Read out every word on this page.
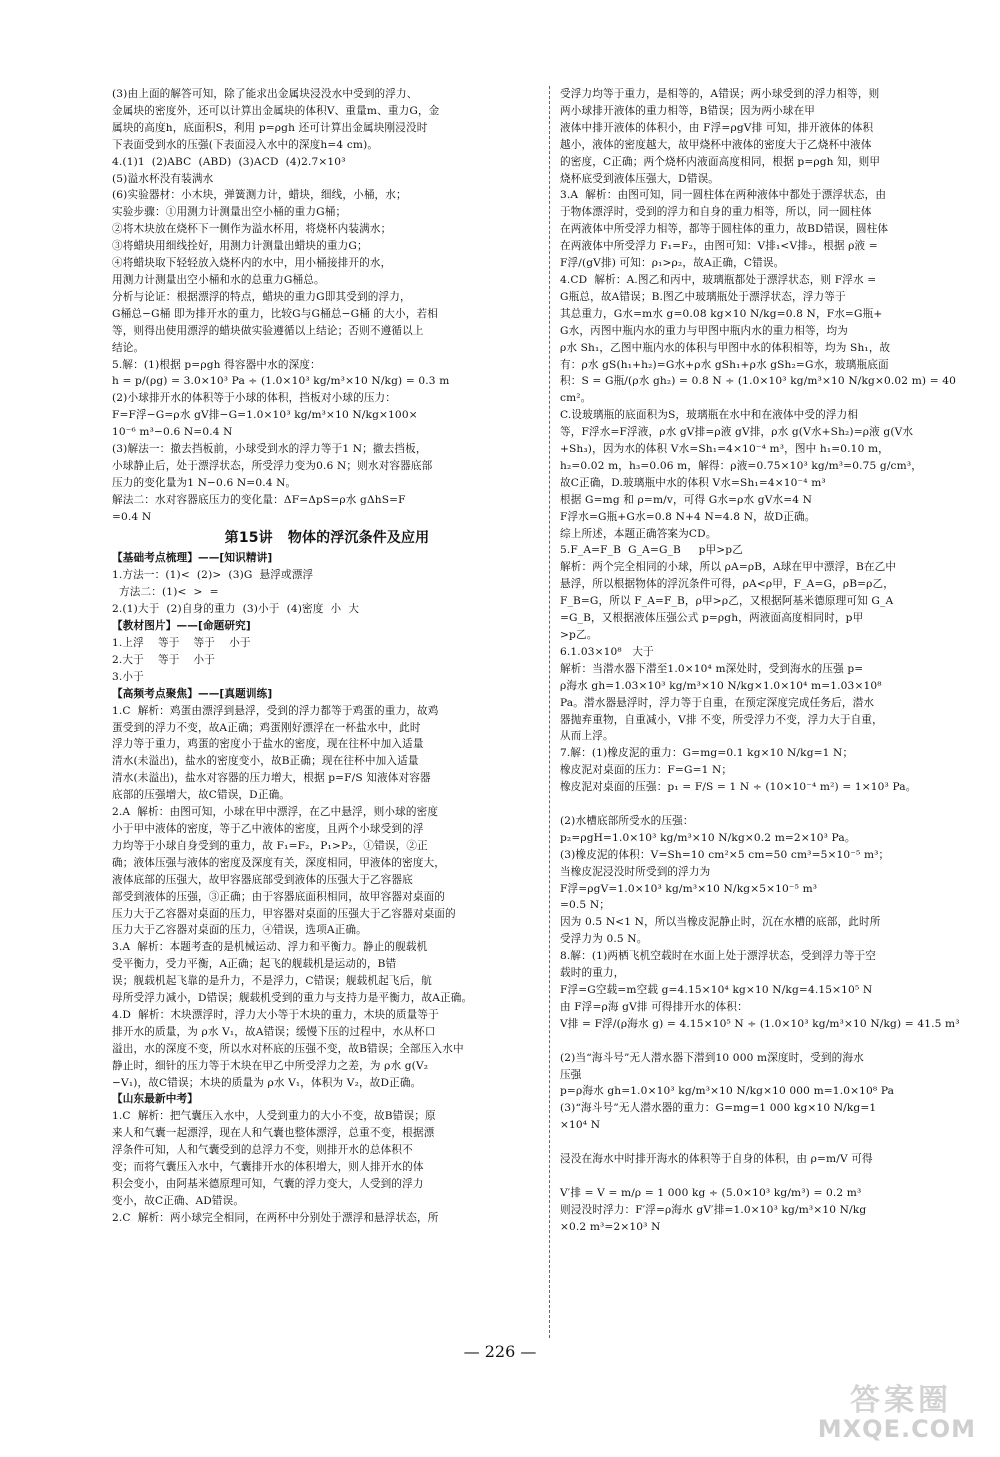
(3)由上面的解答可知，除了能求出金属块浸没水中受到的浮力、
金属块的密度外，还可以计算出金属块的体积V、重量m、重力G，金
属块的高度h，底面积S，利用 p=ρgh 还可计算出金属块刚浸没时
下表面受到水的压强(下表面浸入水中的深度h=4 cm)。
4.(1)1  (2)ABC  (ABD)  (3)ACD  (4)2.7×10³
(5)溢水杯没有装满水
(6)实验器材：小木块，弹簧测力计，蜡块，细线，小桶，水；
实验步骤：①用测力计测量出空小桶的重力G桶；
②将木块放在烧杯下一侧作为溢水杯用，将烧杯内装满水；
③将蜡块用细线拴好，用测力计测量出蜡块的重力G；
④将蜡块取下轻轻放入烧杯内的水中，用小桶接排开的水，
用测力计测量出空小桶和水的总重力G桶总。
分析与论证：根据漂浮的特点，蜡块的重力G即其受到的浮力，
G桶总−G桶 即为排开水的重力，比较G与G桶总−G桶 的大小，若相
等，则得出使用漂浮的蜡块做实验遵循以上结论；否则不遵循以上
结论。
5.解：(1)根据 p=ρgh 得容器中水的深度：
h = p/(ρg) = 3.0×10³ Pa ÷ (1.0×10³ kg/m³×10 N/kg) = 0.3 m
(2)小球排开水的体积等于小球的体积，挡板对小球的压力：
F=F浮−G=ρ水 gV排−G=1.0×10³ kg/m³×10 N/kg×100×
10⁻⁶ m³−0.6 N=0.4 N
(3)解法一：撤去挡板前，小球受到水的浮力等于1 N；撤去挡板，
小球静止后，处于漂浮状态，所受浮力变为0.6 N；则水对容器底部
压力的变化量为1 N−0.6 N=0.4 N。
解法二：水对容器底压力的变化量：ΔF=ΔpS=ρ水 gΔhS=F
=0.4 N
第15讲   物体的浮沉条件及应用
【基础考点梳理】——[知识精讲]
1.方法一：(1)<  (2)>  (3)G  悬浮或漂浮
方法二：(1)<  >  =
2.(1)大于  (2)自身的重力  (3)小于  (4)密度  小  大
【教材图片】——[命题研究]
1.上浮    等于    等于    小于
2.大于    等于    小于
3.小于
【高频考点聚焦】——[真题训练]
1.C  解析：鸡蛋由漂浮到悬浮，受到的浮力都等于鸡蛋的重力，故鸡
蛋受到的浮力不变，故A正确；鸡蛋刚好漂浮在一杯盐水中，此时
浮力等于重力，鸡蛋的密度小于盐水的密度，现在往杯中加入适量
清水(未溢出)，盐水的密度变小，故B正确；现在往杯中加入适量
清水(未溢出)，盐水对容器的压力增大，根据 p=F/S 知液体对容器
底部的压强增大，故C错误，D正确。
2.A  解析：由图可知，小球在甲中漂浮，在乙中悬浮，则小球的密度
小于甲中液体的密度，等于乙中液体的密度，且两个小球受到的浮
力均等于小球自身受到的重力，故 F₁=F₂，P₁>P₂，①错误，②正
确；液体压强与液体的密度及深度有关，深度相同，甲液体的密度大，
液体底部的压强大，故甲容器底部受到液体的压强大于乙容器底
部受到液体的压强，③正确；由于容器底面积相同，故甲容器对桌面的
压力大于乙容器对桌面的压力，甲容器对桌面的压强大于乙容器对桌面的
压力大于乙容器对桌面的压力，④错误，选项A正确。
3.A  解析：本题考查的是机械运动、浮力和平衡力。静止的舰载机
受平衡力，受力平衡，A正确；起飞的舰载机是运动的，B错
误；舰载机起飞靠的是升力，不是浮力，C错误；舰载机起飞后，航
母所受浮力减小，D错误；舰载机受到的重力与支持力是平衡力，故A正确。
4.D  解析：木块漂浮时，浮力大小等于木块的重力，木块的质量等于
排开水的质量，为 ρ水 V₁，故A错误；缓慢下压的过程中，水从杯口
溢出，水的深度不变，所以水对杯底的压强不变，故B错误；全部压入水中
静止时，细针的压力等于木块在甲乙中所受浮力之差，为 ρ水 g(V₂
−V₁)，故C错误；木块的质量为 ρ水 V₁，体积为 V₂，故D正确。
【山东最新中考】
1.C  解析：把气囊压入水中，人受到重力的大小不变，故B错误；原
来人和气囊一起漂浮，现在人和气囊也整体漂浮，总重不变，根据漂
浮条件可知，人和气囊受到的总浮力不变，则排开水的总体积不
变；而将气囊压入水中，气囊排开水的体积增大，则人排开水的体
积会变小，由阿基米德原理可知，气囊的浮力变大，人受到的浮力
变小，故C正确、AD错误。
2.C  解析：两小球完全相同，在两杯中分别处于漂浮和悬浮状态，所
受浮力均等于重力，是相等的，A错误；两小球受到的浮力相等，则
两小球排开液体的重力相等，B错误；因为两小球在甲
液体中排开液体的体积小，由 F浮=ρgV排 可知，排开液体的体积
越小，液体的密度越大，故甲烧杯中液体的密度大于乙烧杯中液体
的密度，C正确；两个烧杯内液面高度相同，根据 p=ρgh 知，则甲
烧杯底受到液体压强大，D错误。
3.A  解析：由图可知，同一圆柱体在两种液体中都处于漂浮状态，由
于物体漂浮时，受到的浮力和自身的重力相等，所以，同一圆柱体
在两液体中所受浮力相等，都等于圆柱体的重力，故BD错误，圆柱体
在两液体中所受浮力 F₁=F₂，由图可知：V排₁<V排₂，根据 ρ液 =
F浮/(gV排) 可知：ρ₁>ρ₂，故A正确，C错误。
4.CD  解析：A.图乙和丙中，玻璃瓶都处于漂浮状态，则 F浮水 =
G瓶总，故A错误；B.图乙中玻璃瓶处于漂浮状态，浮力等于
其总重力，G水=m水 g=0.08 kg×10 N/kg=0.8 N，F水=G瓶+
G水，丙图中瓶内水的重力与甲图中瓶内水的重力相等，均为
ρ水 Sh₁，乙图中瓶内水的体积与甲图中水的体积相等，均为 Sh₁，故
有：ρ水 gS(h₁+h₂)=G水+ρ水 gSh₁+ρ水 gSh₂=G水，玻璃瓶底面
积：S = G瓶/(ρ水 gh₂) = 0.8 N ÷ (1.0×10³ kg/m³×10 N/kg×0.02 m) = 40 cm²。
C.设玻璃瓶的底面积为S，玻璃瓶在水中和在液体中受的浮力相
等，F浮水=F浮液，ρ水 gV排=ρ液 gV排，ρ水 g(V水+Sh₂)=ρ液 g(V水
+Sh₃)，因为水的体积 V水=Sh₁=4×10⁻⁴ m³，图中 h₁=0.10 m，
h₂=0.02 m，h₃=0.06 m，解得：ρ液=0.75×10³ kg/m³=0.75 g/cm³，
故C正确，D.玻璃瓶中水的体积 V水=Sh₁=4×10⁻⁴ m³
根据 G=mg 和 ρ=m/v，可得 G水=ρ水 gV水=4 N
F浮水=G瓶+G水=0.8 N+4 N=4.8 N，故D正确。
综上所述，本题正确答案为CD。
5.F_A=F_B  G_A=G_B     p甲>p乙
解析：两个完全相同的小球，所以 ρA=ρB，A球在甲中漂浮，B在乙中
悬浮，所以根据物体的浮沉条件可得，ρA<ρ甲，F_A=G，ρB=ρ乙，
F_B=G，所以 F_A=F_B，ρ甲>ρ乙，又根据阿基米德原理可知 G_A
=G_B，又根据液体压强公式 p=ρgh，两液面高度相同时，p甲
>p乙。
6.1.03×10⁸   大于
解析：当潜水器下潜至1.0×10⁴ m深处时，受到海水的压强 p=
ρ海水 gh=1.03×10³ kg/m³×10 N/kg×1.0×10⁴ m=1.03×10⁸
Pa。潜水器悬浮时，浮力等于自重，在预定深度完成任务后，潜水
器抛弃重物，自重减小，V排 不变，所受浮力不变，浮力大于自重，
从而上浮。
7.解：(1)橡皮泥的重力：G=mg=0.1 kg×10 N/kg=1 N；
橡皮泥对桌面的压力：F=G=1 N；
橡皮泥对桌面的压强：p₁ = F/S = 1 N ÷ (10×10⁻⁴ m²) = 1×10³ Pa。
(2)水槽底部所受水的压强：
p₂=ρgH=1.0×10³ kg/m³×10 N/kg×0.2 m=2×10³ Pa。
(3)橡皮泥的体积：V=Sh=10 cm²×5 cm=50 cm³=5×10⁻⁵ m³；
当橡皮泥浸没时所受到的浮力为
F浮=ρgV=1.0×10³ kg/m³×10 N/kg×5×10⁻⁵ m³
=0.5 N；
因为 0.5 N<1 N，所以当橡皮泥静止时，沉在水槽的底部，此时所
受浮力为 0.5 N。
8.解：(1)两栖飞机空载时在水面上处于漂浮状态，受到浮力等于空
载时的重力，
F浮=G空载=m空载 g=4.15×10⁴ kg×10 N/kg=4.15×10⁵ N
由 F浮=ρ海 gV排 可得排开水的体积：
V排 = F浮/(ρ海水 g) = 4.15×10⁵ N ÷ (1.0×10³ kg/m³×10 N/kg) = 41.5 m³
(2)当“海斗号”无人潜水器下潜到10 000 m深度时，受到的海水
压强
p=ρ海水 gh=1.0×10³ kg/m³×10 N/kg×10 000 m=1.0×10⁸ Pa
(3)“海斗号”无人潜水器的重力：G=mg=1 000 kg×10 N/kg=1
×10⁴ N
浸没在海水中时排开海水的体积等于自身的体积，由 ρ=m/V 可得
V′排 = V = m/ρ = 1 000 kg ÷ (5.0×10³ kg/m³) = 0.2 m³
则浸没时浮力：F′浮=ρ海水 gV′排=1.0×10³ kg/m³×10 N/kg
×0.2 m³=2×10³ N
— 226 —
答案圈
MXQE.COM
